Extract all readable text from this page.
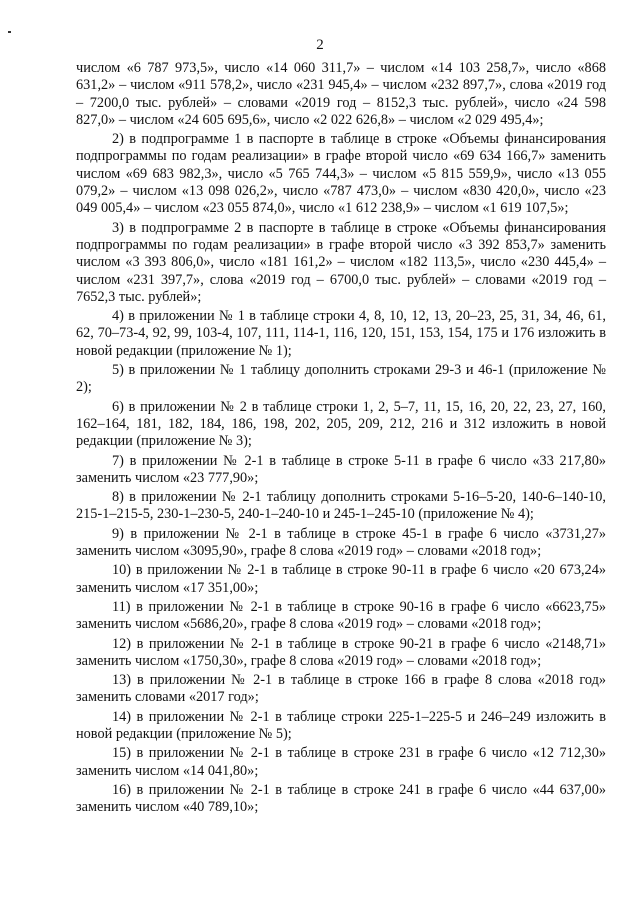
2

числом «6 787 973,5», число «14 060 311,7» – числом «14 103 258,7», число «868 631,2» – числом «911 578,2», число «231 945,4» – числом «232 897,7», слова «2019 год – 7200,0 тыс. рублей» – словами «2019 год – 8152,3 тыс. рублей», число «24 598 827,0» – числом «24 605 695,6», число «2 022 626,8» – числом «2 029 495,4»;

2) в подпрограмме 1 в паспорте в таблице в строке «Объемы финансирования подпрограммы по годам реализации» в графе второй число «69 634 166,7» заменить числом «69 683 982,3», число «5 765 744,3» – числом «5 815 559,9», число «13 055 079,2» – числом «13 098 026,2», число «787 473,0» – числом «830 420,0», число «23 049 005,4» – числом «23 055 874,0», число «1 612 238,9» – числом «1 619 107,5»;

3) в подпрограмме 2 в паспорте в таблице в строке «Объемы финансирования подпрограммы по годам реализации» в графе второй число «3 392 853,7» заменить числом «3 393 806,0», число «181 161,2» – числом «182 113,5», число «230 445,4» – числом «231 397,7», слова «2019 год – 6700,0 тыс. рублей» – словами «2019 год – 7652,3 тыс. рублей»;

4) в приложении № 1 в таблице строки 4, 8, 10, 12, 13, 20–23, 25, 31, 34, 46, 61, 62, 70–73-4, 92, 99, 103-4, 107, 111, 114-1, 116, 120, 151, 153, 154, 175 и 176 изложить в новой редакции (приложение № 1);

5) в приложении № 1 таблицу дополнить строками 29-3 и 46-1 (приложение № 2);

6) в приложении № 2 в таблице строки 1, 2, 5–7, 11, 15, 16, 20, 22, 23, 27, 160, 162–164, 181, 182, 184, 186, 198, 202, 205, 209, 212, 216 и 312 изложить в новой редакции (приложение № 3);

7) в приложении № 2-1 в таблице в строке 5-11 в графе 6 число «33 217,80» заменить числом «23 777,90»;

8) в приложении № 2-1 таблицу дополнить строками 5-16–5-20, 140-6–140-10, 215-1–215-5, 230-1–230-5, 240-1–240-10 и 245-1–245-10 (приложение № 4);

9) в приложении № 2-1 в таблице в строке 45-1 в графе 6 число «3731,27» заменить числом «3095,90», графе 8 слова «2019 год» – словами «2018 год»;

10) в приложении № 2-1 в таблице в строке 90-11 в графе 6 число «20 673,24» заменить числом «17 351,00»;

11) в приложении № 2-1 в таблице в строке 90-16 в графе 6 число «6623,75» заменить числом «5686,20», графе 8 слова «2019 год» – словами «2018 год»;

12) в приложении № 2-1 в таблице в строке 90-21 в графе 6 число «2148,71» заменить числом «1750,30», графе 8 слова «2019 год» – словами «2018 год»;

13) в приложении № 2-1 в таблице в строке 166 в графе 8 слова «2018 год» заменить словами «2017 год»;

14) в приложении № 2-1 в таблице строки 225-1–225-5 и 246–249 изложить в новой редакции (приложение № 5);

15) в приложении № 2-1 в таблице в строке 231 в графе 6 число «12 712,30» заменить числом «14 041,80»;

16) в приложении № 2-1 в таблице в строке 241 в графе 6 число «44 637,00» заменить числом «40 789,10»;
